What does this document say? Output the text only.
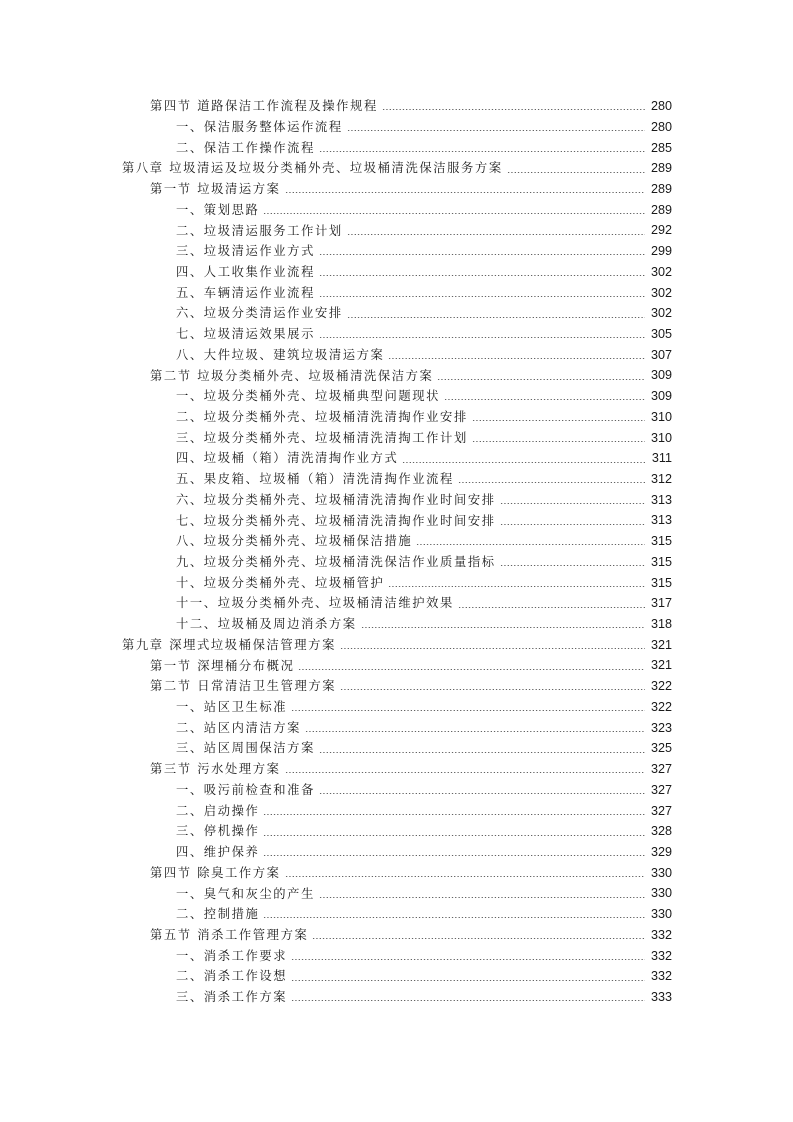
第四节 道路保洁工作流程及操作规程	280
一、保洁服务整体运作流程	280
二、保洁工作操作流程	285
第八章 垃圾清运及垃圾分类桶外壳、垃圾桶清洗保洁服务方案	289
第一节 垃圾清运方案	289
一、策划思路	289
二、垃圾清运服务工作计划	292
三、垃圾清运作业方式	299
四、人工收集作业流程	302
五、车辆清运作业流程	302
六、垃圾分类清运作业安排	302
七、垃圾清运效果展示	305
八、大件垃圾、建筑垃圾清运方案	307
第二节 垃圾分类桶外壳、垃圾桶清洗保洁方案	309
一、垃圾分类桶外壳、垃圾桶典型问题现状	309
二、垃圾分类桶外壳、垃圾桶清洗清掏作业安排	310
三、垃圾分类桶外壳、垃圾桶清洗清掏工作计划	310
四、垃圾桶（箱）清洗清掏作业方式	311
五、果皮箱、垃圾桶（箱）清洗清掏作业流程	312
六、垃圾分类桶外壳、垃圾桶清洗清掏作业时间安排	313
七、垃圾分类桶外壳、垃圾桶清洗清掏作业时间安排	313
八、垃圾分类桶外壳、垃圾桶保洁措施	315
九、垃圾分类桶外壳、垃圾桶清洗保洁作业质量指标	315
十、垃圾分类桶外壳、垃圾桶管护	315
十一、垃圾分类桶外壳、垃圾桶清洁维护效果	317
十二、垃圾桶及周边消杀方案	318
第九章 深埋式垃圾桶保洁管理方案	321
第一节 深埋桶分布概况	321
第二节 日常清洁卫生管理方案	322
一、站区卫生标准	322
二、站区内清洁方案	323
三、站区周围保洁方案	325
第三节 污水处理方案	327
一、吸污前检查和准备	327
二、启动操作	327
三、停机操作	328
四、维护保养	329
第四节 除臭工作方案	330
一、臭气和灰尘的产生	330
二、控制措施	330
第五节 消杀工作管理方案	332
一、消杀工作要求	332
二、消杀工作设想	332
三、消杀工作方案	333
